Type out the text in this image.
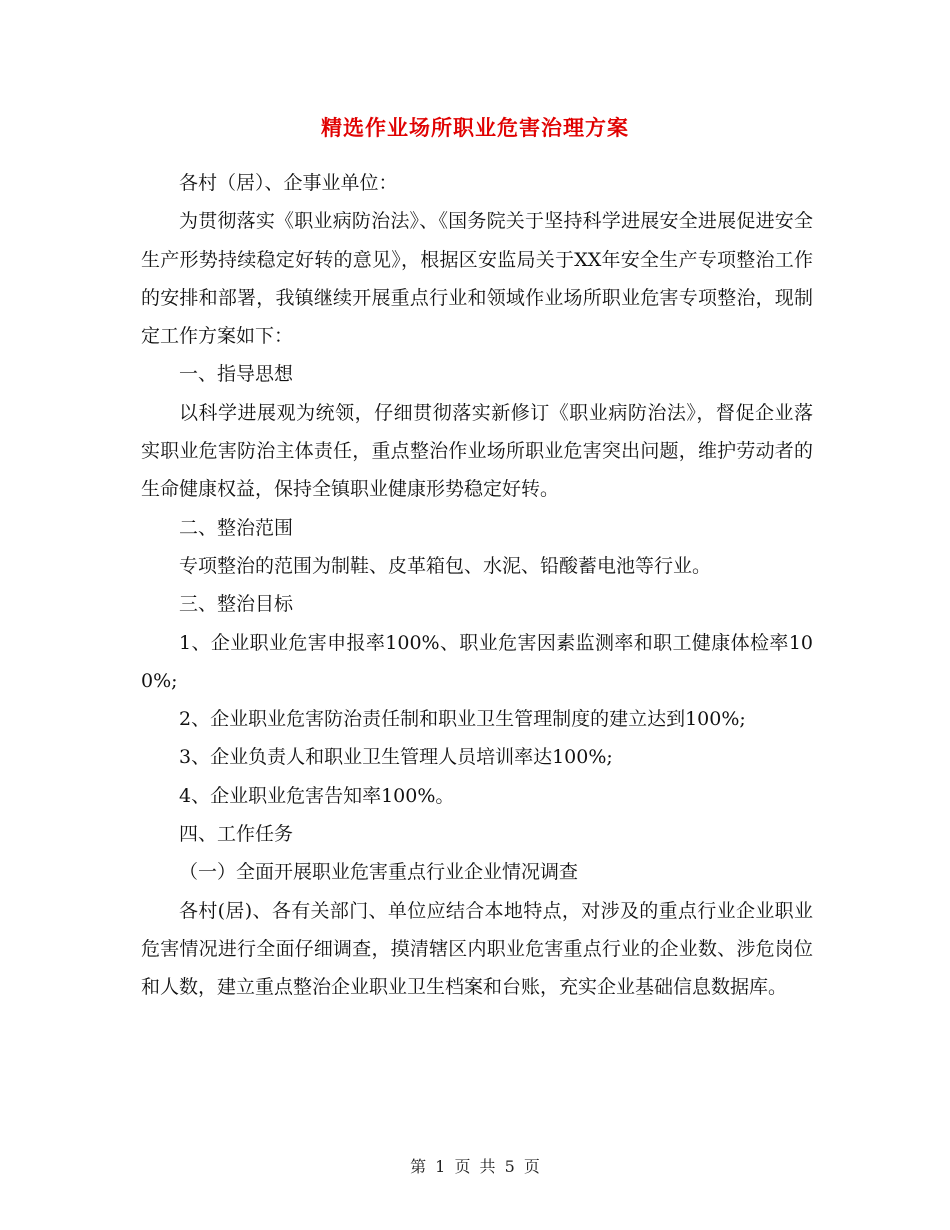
精选作业场所职业危害治理方案

各村（居）、企事业单位：

为贯彻落实《职业病防治法》、《国务院关于坚持科学进展安全进展促进安全生产形势持续稳定好转的意见》，根据区安监局关于XX年安全生产专项整治工作的安排和部署，我镇继续开展重点行业和领域作业场所职业危害专项整治，现制定工作方案如下：

一、指导思想

以科学进展观为统领，仔细贯彻落实新修订《职业病防治法》，督促企业落实职业危害防治主体责任，重点整治作业场所职业危害突出问题，维护劳动者的生命健康权益，保持全镇职业健康形势稳定好转。

二、整治范围

专项整治的范围为制鞋、皮革箱包、水泥、铅酸蓄电池等行业。

三、整治目标

1、企业职业危害申报率100%、职业危害因素监测率和职工健康体检率100%;

2、企业职业危害防治责任制和职业卫生管理制度的建立达到100%;

3、企业负责人和职业卫生管理人员培训率达100%;

4、企业职业危害告知率100%。

四、工作任务

（一）全面开展职业危害重点行业企业情况调查

各村(居)、各有关部门、单位应结合本地特点，对涉及的重点行业企业职业危害情况进行全面仔细调查，摸清辖区内职业危害重点行业的企业数、涉危岗位和人数，建立重点整治企业职业卫生档案和台账，充实企业基础信息数据库。

第 1 页 共 5 页
